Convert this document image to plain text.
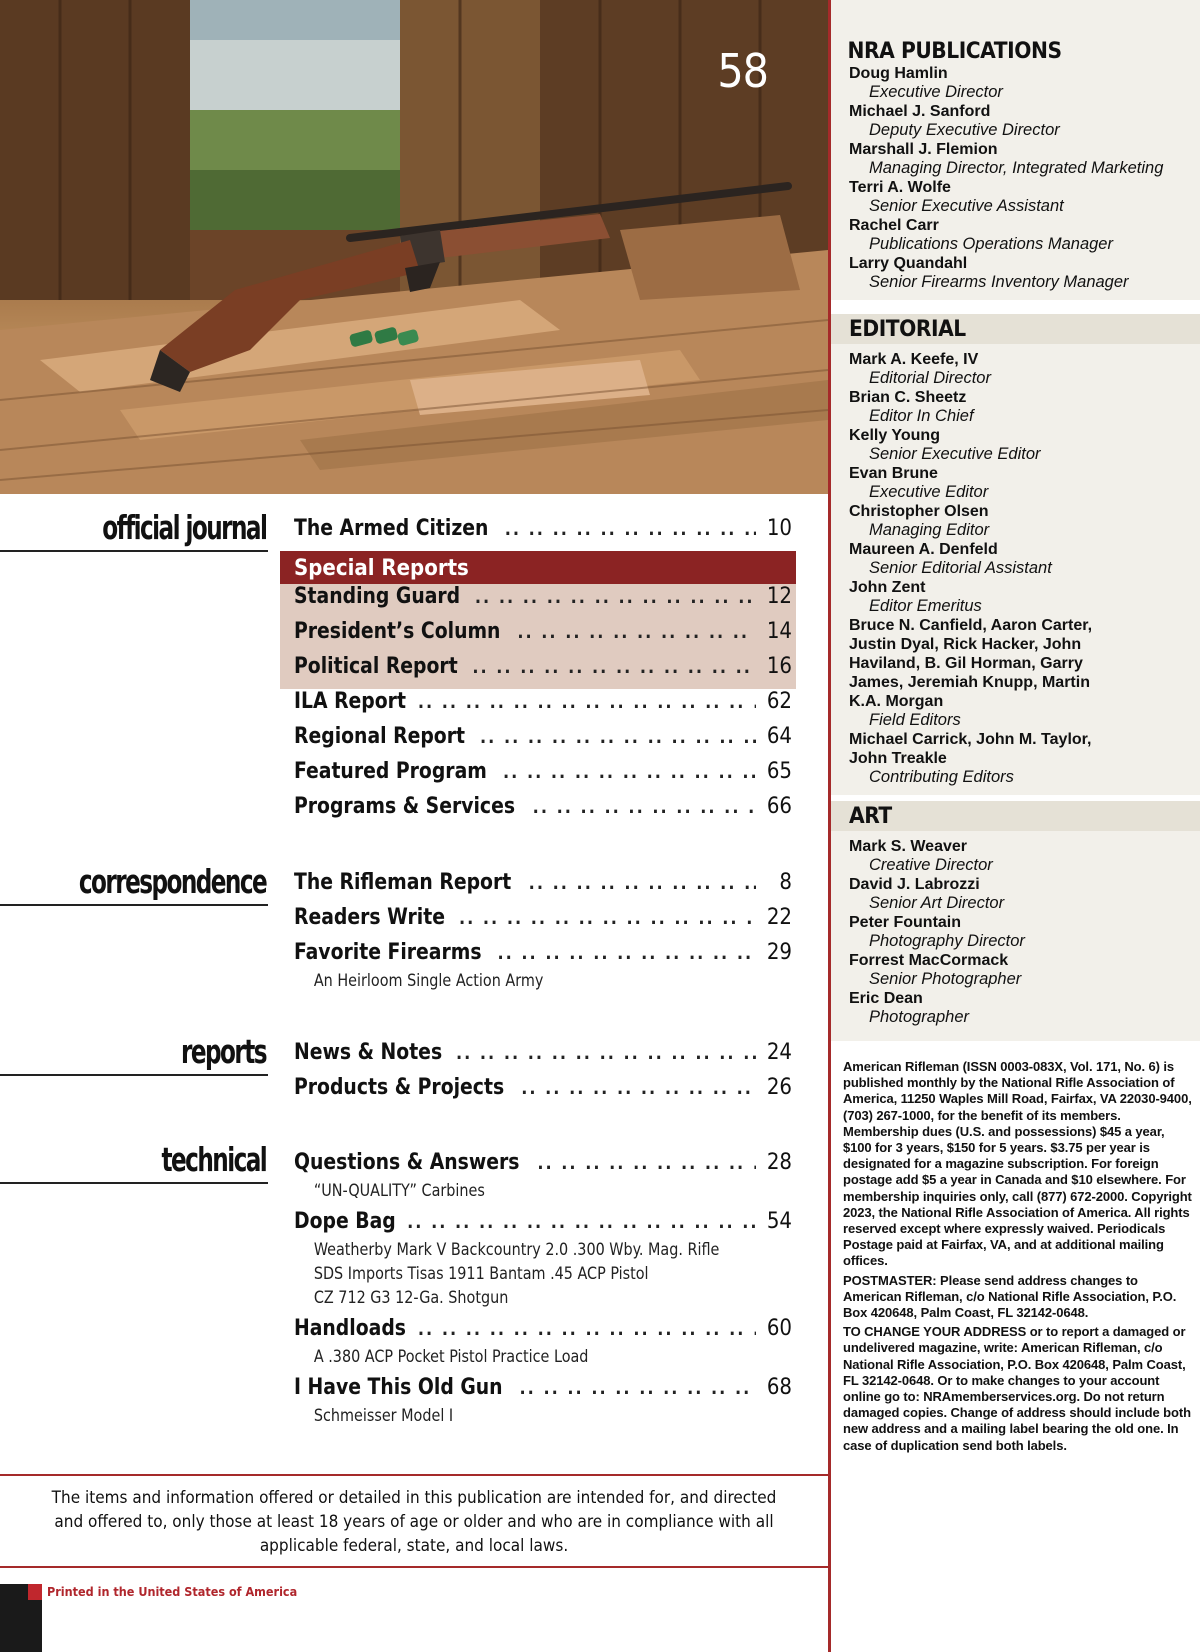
58	NRA PUBLICATIONS
Doug Hamlin
Executive Director
Michael J. Sanford
Deputy Executive Director
Marshall J. Flemion
Managing Director, Integrated Marketing
Terri A. Wolfe
Senior Executive Assistant
Rachel Carr
Publications Operations Manager
Larry Quandahl
Senior Firearms Inventory Manager
EDITORIAL
Mark A. Keefe, IV
Editorial Director
Brian C. Sheetz
Editor In Chief
Kelly Young
Senior Executive Editor
Evan Brune
Executive Editor
Christopher Olsen
Managing Editor
Maureen A. Denfeld
Senior Editorial Assistant
John Zent
Editor Emeritus
Bruce N. Canfield, Aaron Carter, Justin Dyal, Rick Hacker, John Haviland, B. Gil Horman, Garry James, Jeremiah Knupp, Martin K.A. Morgan
Field Editors
Michael Carrick, John M. Taylor, John Treakle
Contributing Editors
ART
Mark S. Weaver
Creative Director
David J. Labrozzi
Senior Art Director
Peter Fountain
Photography Director
Forrest MacCormack
Senior Photographer
Eric Dean
Photographer

American Rifleman (ISSN 0003-083X, Vol. 171, No. 6) is published monthly by the National Rifle Association of America, 11250 Waples Mill Road, Fairfax, VA 22030-9400, (703) 267-1000, for the benefit of its members. Membership dues (U.S. and possessions) $45 a year, $100 for 3 years, $150 for 5 years. $3.75 per year is designated for a magazine subscription. For foreign postage add $5 a year in Canada and $10 elsewhere. For membership inquiries only, call (877) 672-2000. Copyright 2023, the National Rifle Association of America. All rights reserved except where expressly waived. Periodicals Postage paid at Fairfax, VA, and at additional mailing offices.

POSTMASTER: Please send address changes to American Rifleman, c/o National Rifle Association, P.O. Box 420648, Palm Coast, FL 32142-0648.

TO CHANGE YOUR ADDRESS or to report a damaged or undelivered magazine, write: American Rifleman, c/o National Rifle Association, P.O. Box 420648, Palm Coast, FL 32142-0648. Or to make changes to your account online go to: NRAmemberservices.org. Do not return damaged copies. Change of address should include both new address and a mailing label bearing the old one. In case of duplication send both labels.

official journal The Armed Citizen .. ..	10
Special Reports
Standing Guard .. ..	12
President’s Column .. ..	14
Political Report .. ..	16
ILA Report .. ..	62
Regional Report .. ..	64
Featured Program .. ..	65
Programs & Services .. ..	66
correspondence The Rifleman Report .. ..	8
Readers Write .. ..	22
Favorite Firearms .. ..	29
An Heirloom Single Action Army
reports News & Notes .. ..	24
Products & Projects .. ..	26
technical Questions & Answers .. ..	28
“UN-QUALITY” Carbines
Dope Bag .. ..	54
Weatherby Mark V Backcountry 2.0 .300 Wby. Mag. Rifle
SDS Imports Tisas 1911 Bantam .45 ACP Pistol
CZ 712 G3 12-Ga. Shotgun
Handloads .. ..	60
A .380 ACP Pocket Pistol Practice Load
I Have This Old Gun .. ..	68
Schmeisser Model I
The items and information offered or detailed in this publication are intended for, and directed and offered to, only those at least 18 years of age or older and who are in compliance with all applicable federal, state, and local laws.
Printed in the United States of America
